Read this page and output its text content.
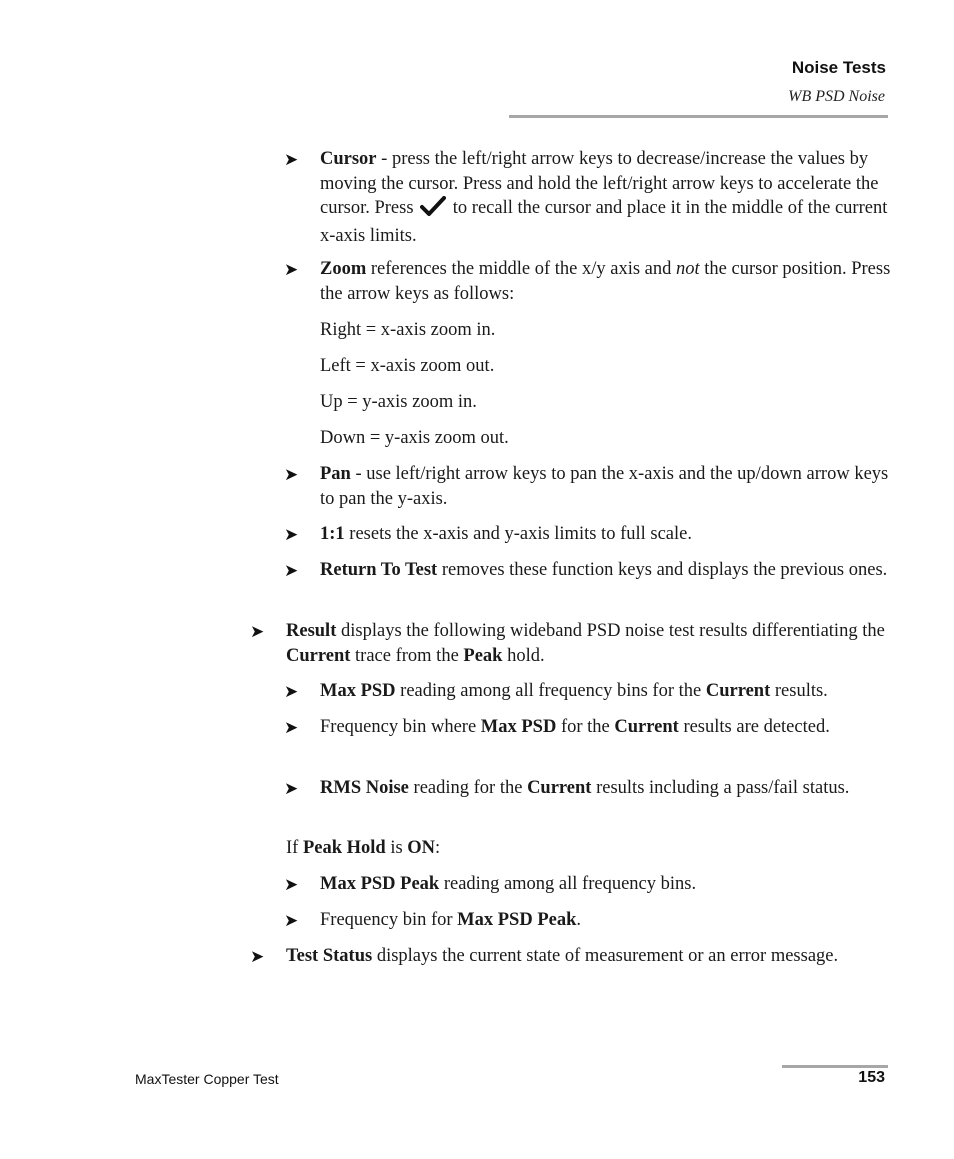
Noise Tests
WB PSD Noise
➤ Cursor - press the left/right arrow keys to decrease/increase the values by moving the cursor. Press and hold the left/right arrow keys to accelerate the cursor. Press  to recall the cursor and place it in the middle of the current x-axis limits.
➤ Zoom references the middle of the x/y axis and not the cursor position. Press the arrow keys as follows:
Right = x-axis zoom in.
Left = x-axis zoom out.
Up = y-axis zoom in.
Down = y-axis zoom out.
➤ Pan - use left/right arrow keys to pan the x-axis and the up/down arrow keys to pan the y-axis.
➤ 1:1 resets the x-axis and y-axis limits to full scale.
➤ Return To Test removes these function keys and displays the previous ones.
➤ Result displays the following wideband PSD noise test results differentiating the Current trace from the Peak hold.
➤ Max PSD reading among all frequency bins for the Current results.
➤ Frequency bin where Max PSD for the Current results are detected.
➤ RMS Noise reading for the Current results including a pass/fail status.
If Peak Hold is ON:
➤ Max PSD Peak reading among all frequency bins.
➤ Frequency bin for Max PSD Peak.
➤ Test Status displays the current state of measurement or an error message.
MaxTester Copper Test	153
